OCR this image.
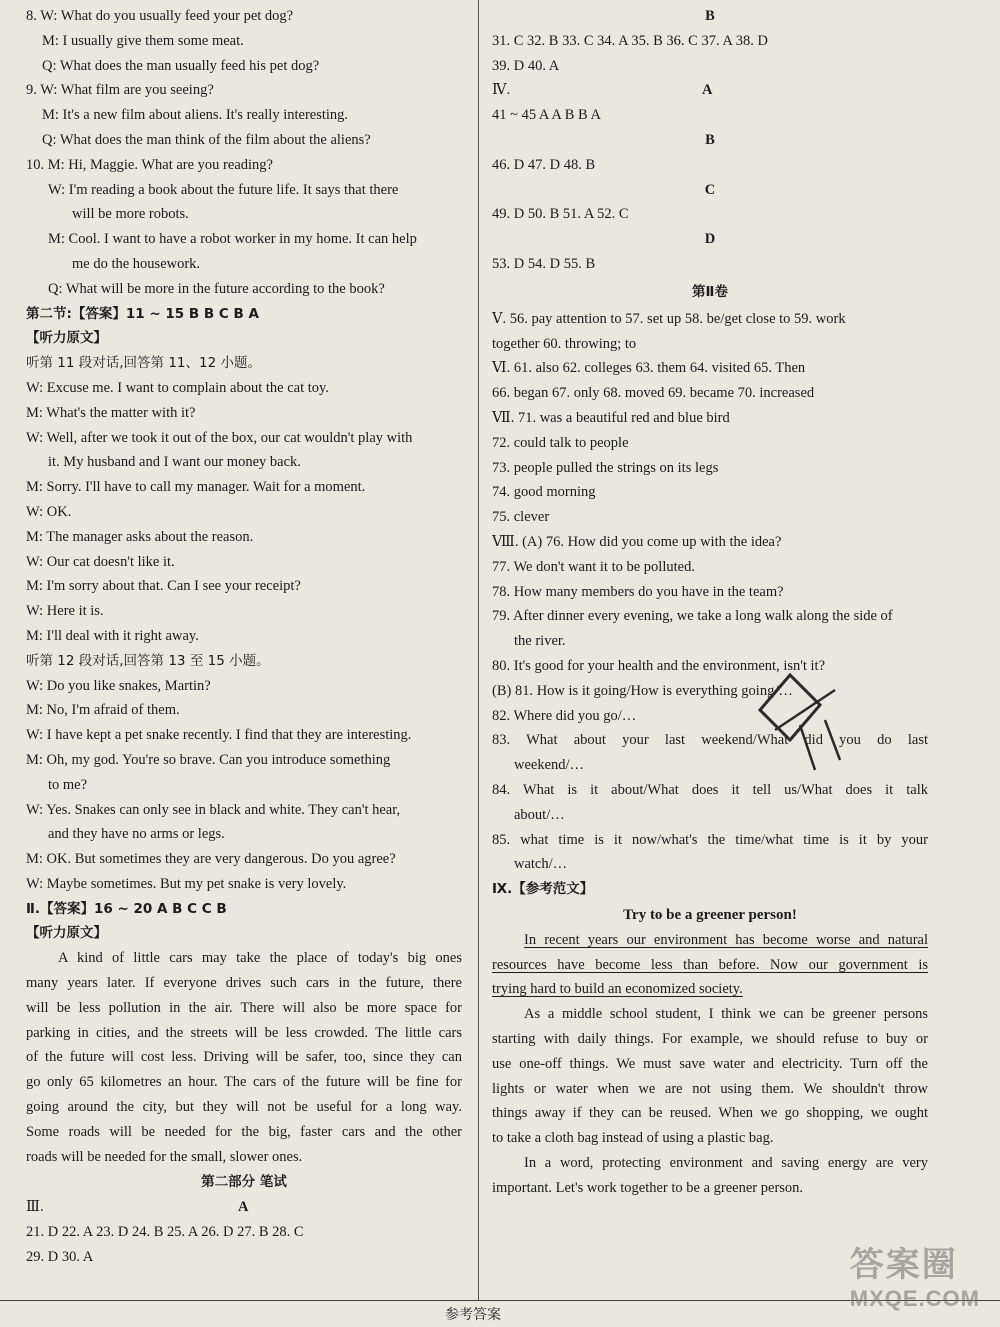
8. W: What do you usually feed your pet dog?
M: I usually give them some meat.
Q: What does the man usually feed his pet dog?
9. W: What film are you seeing?
M: It's a new film about aliens. It's really interesting.
Q: What does the man think of the film about the aliens?
10. M: Hi, Maggie. What are you reading?
W: I'm reading a book about the future life. It says that there
will be more robots.
M: Cool. I want to have a robot worker in my home. It can help
me do the housework.
Q: What will be more in the future according to the book?
第二节:【答案】11 ~ 15 B B C B A
【听力原文】
听第 11 段对话,回答第 11、12 小题。
W: Excuse me. I want to complain about the cat toy.
M: What's the matter with it?
W: Well, after we took it out of the box, our cat wouldn't play with
it. My husband and I want our money back.
M: Sorry. I'll have to call my manager. Wait for a moment.
W: OK.
M: The manager asks about the reason.
W: Our cat doesn't like it.
M: I'm sorry about that. Can I see your receipt?
W: Here it is.
M: I'll deal with it right away.
听第 12 段对话,回答第 13 至 15 小题。
W: Do you like snakes, Martin?
M: No, I'm afraid of them.
W: I have kept a pet snake recently. I find that they are interesting.
M: Oh, my god. You're so brave. Can you introduce something
to me?
W: Yes. Snakes can only see in black and white. They can't hear,
and they have no arms or legs.
M: OK. But sometimes they are very dangerous. Do you agree?
W: Maybe sometimes. But my pet snake is very lovely.
Ⅱ.【答案】16 ~ 20 A B C C B
【听力原文】
A kind of little cars may take the place of today's big ones
many years later. If everyone drives such cars in the future, there
will be less pollution in the air. There will also be more space for
parking in cities, and the streets will be less crowded. The little cars
of the future will cost less. Driving will be safer, too, since they can
go only 65 kilometres an hour. The cars of the future will be fine for
going around the city, but they will not be useful for a long way.
Some roads will be needed for the big, faster cars and the other
roads will be needed for the small, slower ones.
第二部分 笔试
Ⅲ.	A
21. D 22. A 23. D 24. B 25. A 26. D 27. B 28. C
29. D 30. A
B
31. C 32. B 33. C 34. A 35. B 36. C 37. A 38. D
39. D 40. A
Ⅳ.	A
41 ~ 45 A A B B A
B
46. D 47. D 48. B
C
49. D 50. B 51. A 52. C
D
53. D 54. D 55. B
第Ⅱ卷
Ⅴ. 56. pay attention to 57. set up 58. be/get close to 59. work
together 60. throwing; to
Ⅵ. 61. also 62. colleges 63. them 64. visited 65. Then
66. began 67. only 68. moved 69. became 70. increased
Ⅶ. 71. was a beautiful red and blue bird
72. could talk to people
73. people pulled the strings on its legs
74. good morning
75. clever
Ⅷ. (A) 76. How did you come up with the idea?
77. We don't want it to be polluted.
78. How many members do you have in the team?
79. After dinner every evening, we take a long walk along the side of
the river.
80. It's good for your health and the environment, isn't it?
(B) 81. How is it going/How is everything going/…
82. Where did you go/…
83. What about your last weekend/What did you do last
weekend/…
84. What is it about/What does it tell us/What does it talk
about/…
85. what time is it now/what's the time/what time is it by your
watch/…
Ⅸ.【参考范文】
Try to be a greener person!
In recent years our environment has become worse and natural
resources have become less than before. Now our government is
trying hard to build an economized society.
As a middle school student, I think we can be greener persons
starting with daily things. For example, we should refuse to buy or
use one-off things. We must save water and electricity. Turn off the
lights or water when we are not using them. We shouldn't throw
things away if they can be reused. When we go shopping, we ought
to take a cloth bag instead of using a plastic bag.
In a word, protecting environment and saving energy are very
important. Let's work together to be a greener person.
参考答案
答案圈
MXQE.COM
